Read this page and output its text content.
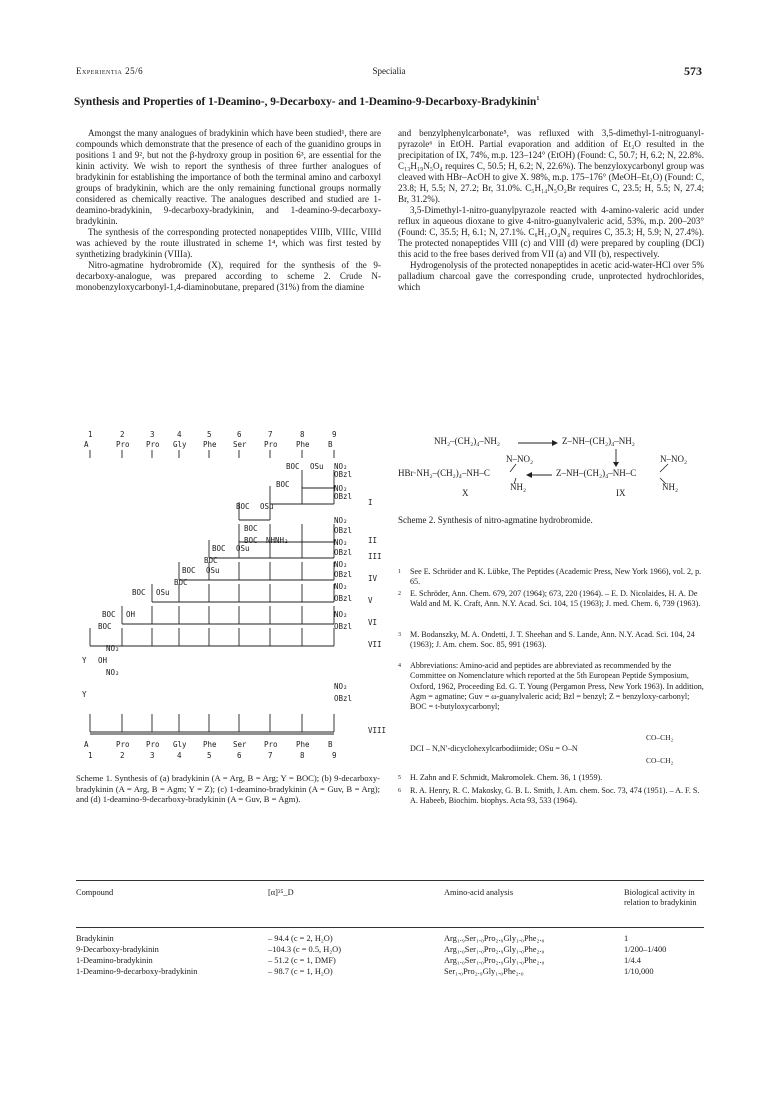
Experientia 25/6	Specialia	573
Synthesis and Properties of 1-Deamino-, 9-Decarboxy- and 1-Deamino-9-Decarboxy-Bradykinin$^1$

Amongst the many analogues of bradykinin which have been studied¹, there are compounds which demonstrate that the presence of each of the guanidino groups in positions 1 and 9², but not the β-hydroxy group in position 6³, are essential for the kinin activity. We wish to report the synthesis of three further analogues of bradykinin for establishing the importance of both the terminal amino and carboxyl groups of bradykinin, which are the only remaining functional groups normally considered as chemically reactive. The analogues described and studied are 1-deamino-bradykinin, 9-decarboxy-bradykinin, and 1-deamino-9-decarboxy-bradykinin.

The synthesis of the corresponding protected nonapeptides VIIIb, VIIIc, VIIId was achieved by the route illustrated in scheme 1⁴, which was first tested by synthetizing bradykinin (VIIIa).

Nitro-agmatine hydrobromide (X), required for the synthesis of the 9-decarboxy-analogue, was prepared according to scheme 2. Crude N-monobenzyloxycarbonyl-1,4-diaminobutane, prepared (31%) from the diamine

and benzylphenylcarbonate⁵, was refluxed with 3,5-dimethyl-1-nitroguanyl-pyrazole⁶ in EtOH. Partial evaporation and addition of Et₂O resulted in the precipitation of IX, 74%, m.p. 123–124° (EtOH) (Found: C, 50.7; H, 6.2; N, 22.8%. C₁₃H₁₉N₅O₄ requires C, 50.5; H, 6.2; N, 22.6%). The benzyloxycarbonyl group was cleaved with HBr–AcOH to give X. 98%, m.p. 175–176° (MeOH–Et₂O) (Found: C, 23.8; H, 5.5; N, 27.2; Br, 31.0%. C₅H₁₄N₅O₂Br requires C, 23.5; H, 5.5; N, 27.4; Br, 31.2%).

3,5-Dimethyl-1-nitro-guanylpyrazole reacted with 4-amino-valeric acid under reflux in aqueous dioxane to give 4-nitro-guanylvaleric acid, 53%, m.p. 200–203° (Found: C, 35.5; H, 6.1; N, 27.1%. C₆H₁₂O₄N₄ requires C, 35.3; H, 5.9; N, 27.4%). The protected nonapeptides VIII (c) and VIII (d) were prepared by coupling (DCI) this acid to the free bases derived from VII (a) and VII (b), respectively.

Hydrogenolysis of the protected nonapeptides in acetic acid-water-HCl over 5% palladium charcoal gave the corresponding crude, unprotected hydrochlorides, which

NH₂–(CH₂)₄–NH₂	Z–NH–(CH₂)₄–NH₂
N–NO₂	N–NO₂
HBr·NH₂–(CH₂)₄–NH–C	Z–NH–(CH₂)₄–NH–C
NH₂	NH₂
X	IX
Scheme 2. Synthesis of nitro-agmatine hydrobromide.
1 See E. Schröder and K. Lübke, The Peptides (Academic Press, New York 1966), vol. 2, p. 65.
2 E. Schröder, Ann. Chem. 679, 207 (1964); 673, 220 (1964). – E. D. Nicolaides, H. A. De Wald and M. K. Craft, Ann. N.Y. Acad. Sci. 104, 15 (1963); J. med. Chem. 6, 739 (1963).
3 M. Bodanszky, M. A. Ondetti, J. T. Sheehan and S. Lande, Ann. N.Y. Acad. Sci. 104, 24 (1963); J. Am. chem. Soc. 85, 991 (1963).
4 Abbreviations: Amino-acid and peptides are abbreviated as recommended by the Committee on Nomenclature which reported at the 5th European Peptide Symposium, Oxford, 1962, Proceeding Ed. G. T. Young (Pergamon Press, New York 1963). In addition, Agm = agmatine; Guv = ω-guanylvaleric acid; Bzl = benzyl; Z = benzyloxy-carbonyl; BOC = t-butyloxycarbonyl;
DCI – N,N′-dicyclohexylcarbodiimide; OSu = O–N
CO–CH₂
CO–CH₂
5 H. Zahn and F. Schmidt, Makromolek. Chem. 36, 1 (1959).
6 R. A. Henry, R. C. Makosky, G. B. L. Smith, J. Am. chem. Soc. 73, 474 (1951). – A. F. S. A. Habeeb, Biochim. biophys. Acta 93, 533 (1964).
1
1
2
2
3
3
4
4
5
5
6
6
7
7
8
8
9
9
A
A
Pro
Pro
Pro
Pro
Gly
Gly
Phe
Phe
Ser
Ser
Pro
Pro
Phe
Phe
B
B
I
II
III
IV
V
VI
VII
VIII
BOC OSu NO₂
OBzl
BOC	NO₂
OBzl
BOC OSu
NO₂
BOC	OBzl
BOC NHNH₂	NO₂
BOC OSu	OBzl
BOC	NO₂
BOC OSu	OBzl
BOC	NO₂
BOC OSu
OBzl
BOC OH	NO₂
BOC	OBzl
NO₂
Y OH
NO₂
NO₂
Y	OBzl
Scheme 1. Synthesis of (a) bradykinin (A = Arg, B = Arg; Y = BOC); (b) 9-decarboxy-bradykinin (A = Arg, B = Agm; Y = Z); (c) 1-deamino-bradykinin (A = Guv, B = Arg); and (d) 1-deamino-9-decarboxy-bradykinin (A = Guv, B = Agm).
Compound	[α]²⁵_D	Amino-acid analysis	Biological activity in relation to bradykinin
Bradykinin	– 94.4 (c = 2, H₂O)	Arg₁.₉Ser₁.₀Pro₂.₉Gly₁.₀Phe₂.₀	1
9-Decarboxy-bradykinin	–104.3 (c = 0.5, H₂O)	Arg₁.₀Ser₁.₀Pro₂.₉Gly₁.₀Phe₂.₀	1/200–1/400
1-Deamino-bradykinin	– 51.2 (c = 1, DMF)	Arg₁.₀Ser₁.₀Pro₂.₉Gly₁.₀Phe₂.₀	1/4.4
1-Deamino-9-decarboxy-bradykinin	– 98.7 (c = 1, H₂O)	Ser₁.₀Pro₂.₉Gly₁.₀Phe₂.₀	1/10,000
